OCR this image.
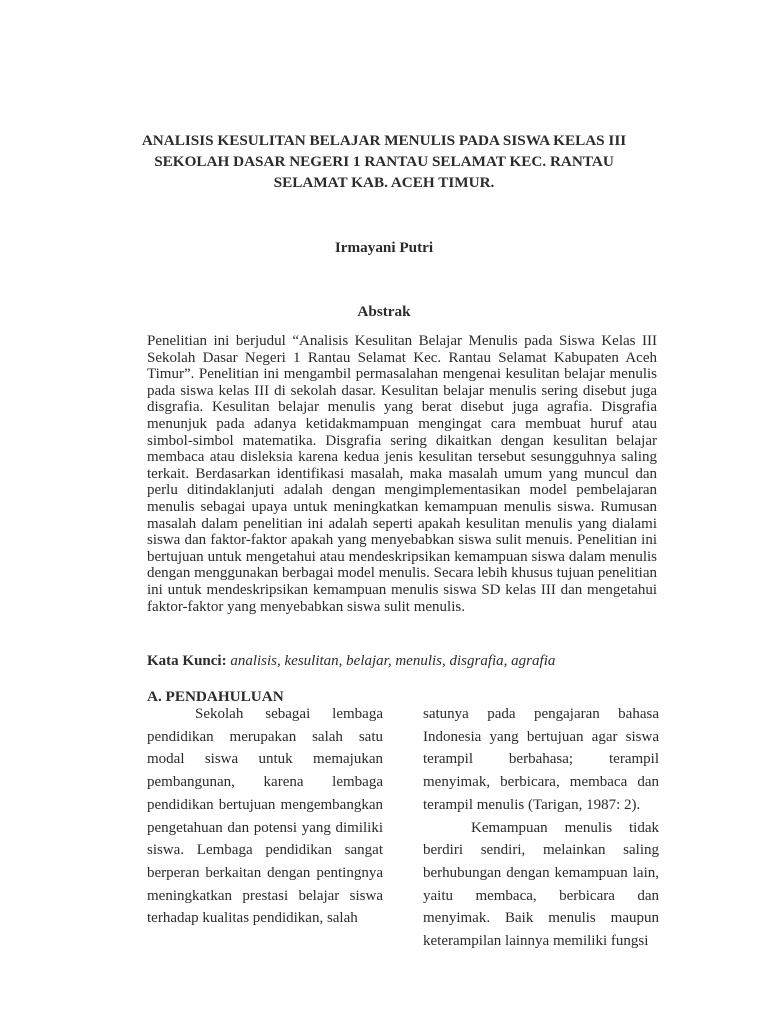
ANALISIS KESULITAN BELAJAR MENULIS PADA SISWA KELAS III SEKOLAH DASAR NEGERI 1 RANTAU SELAMAT KEC. RANTAU SELAMAT KAB. ACEH TIMUR.
Irmayani Putri
Abstrak

Penelitian ini berjudul “Analisis Kesulitan Belajar Menulis pada Siswa Kelas III Sekolah Dasar Negeri 1 Rantau Selamat Kec. Rantau Selamat Kabupaten Aceh Timur”. Penelitian ini mengambil permasalahan mengenai kesulitan belajar menulis pada siswa kelas III di sekolah dasar. Kesulitan belajar menulis sering disebut juga disgrafia. Kesulitan belajar menulis yang berat disebut juga agrafia. Disgrafia menunjuk pada adanya ketidakmampuan mengingat cara membuat huruf atau simbol-simbol matematika. Disgrafia sering dikaitkan dengan kesulitan belajar membaca atau disleksia karena kedua jenis kesulitan tersebut sesungguhnya saling terkait. Berdasarkan identifikasi masalah, maka masalah umum yang muncul dan perlu ditindaklanjuti adalah dengan mengimplementasikan model pembelajaran menulis sebagai upaya untuk meningkatkan kemampuan menulis siswa. Rumusan masalah dalam penelitian ini adalah seperti apakah kesulitan menulis yang dialami siswa dan faktor-faktor apakah yang menyebabkan siswa sulit menuis. Penelitian ini bertujuan untuk mengetahui atau mendeskripsikan kemampuan siswa dalam menulis dengan menggunakan berbagai model menulis. Secara lebih khusus tujuan penelitian ini untuk mendeskripsikan kemampuan menulis siswa SD kelas III dan mengetahui faktor-faktor yang menyebabkan siswa sulit menulis.

Kata Kunci: analisis, kesulitan, belajar, menulis, disgrafia, agrafia

A. PENDAHULUAN

Sekolah sebagai lembaga pendidikan merupakan salah satu modal siswa untuk memajukan pembangunan, karena lembaga pendidikan bertujuan mengembangkan pengetahuan dan potensi yang dimiliki siswa. Lembaga pendidikan sangat berperan berkaitan dengan pentingnya meningkatkan prestasi belajar siswa terhadap kualitas pendidikan, salah

satunya pada pengajaran bahasa Indonesia yang bertujuan agar siswa terampil berbahasa; terampil menyimak, berbicara, membaca dan terampil menulis (Tarigan, 1987: 2).

Kemampuan menulis tidak berdiri sendiri, melainkan saling berhubungan dengan kemampuan lain, yaitu membaca, berbicara dan menyimak. Baik menulis maupun keterampilan lainnya memiliki fungsi
